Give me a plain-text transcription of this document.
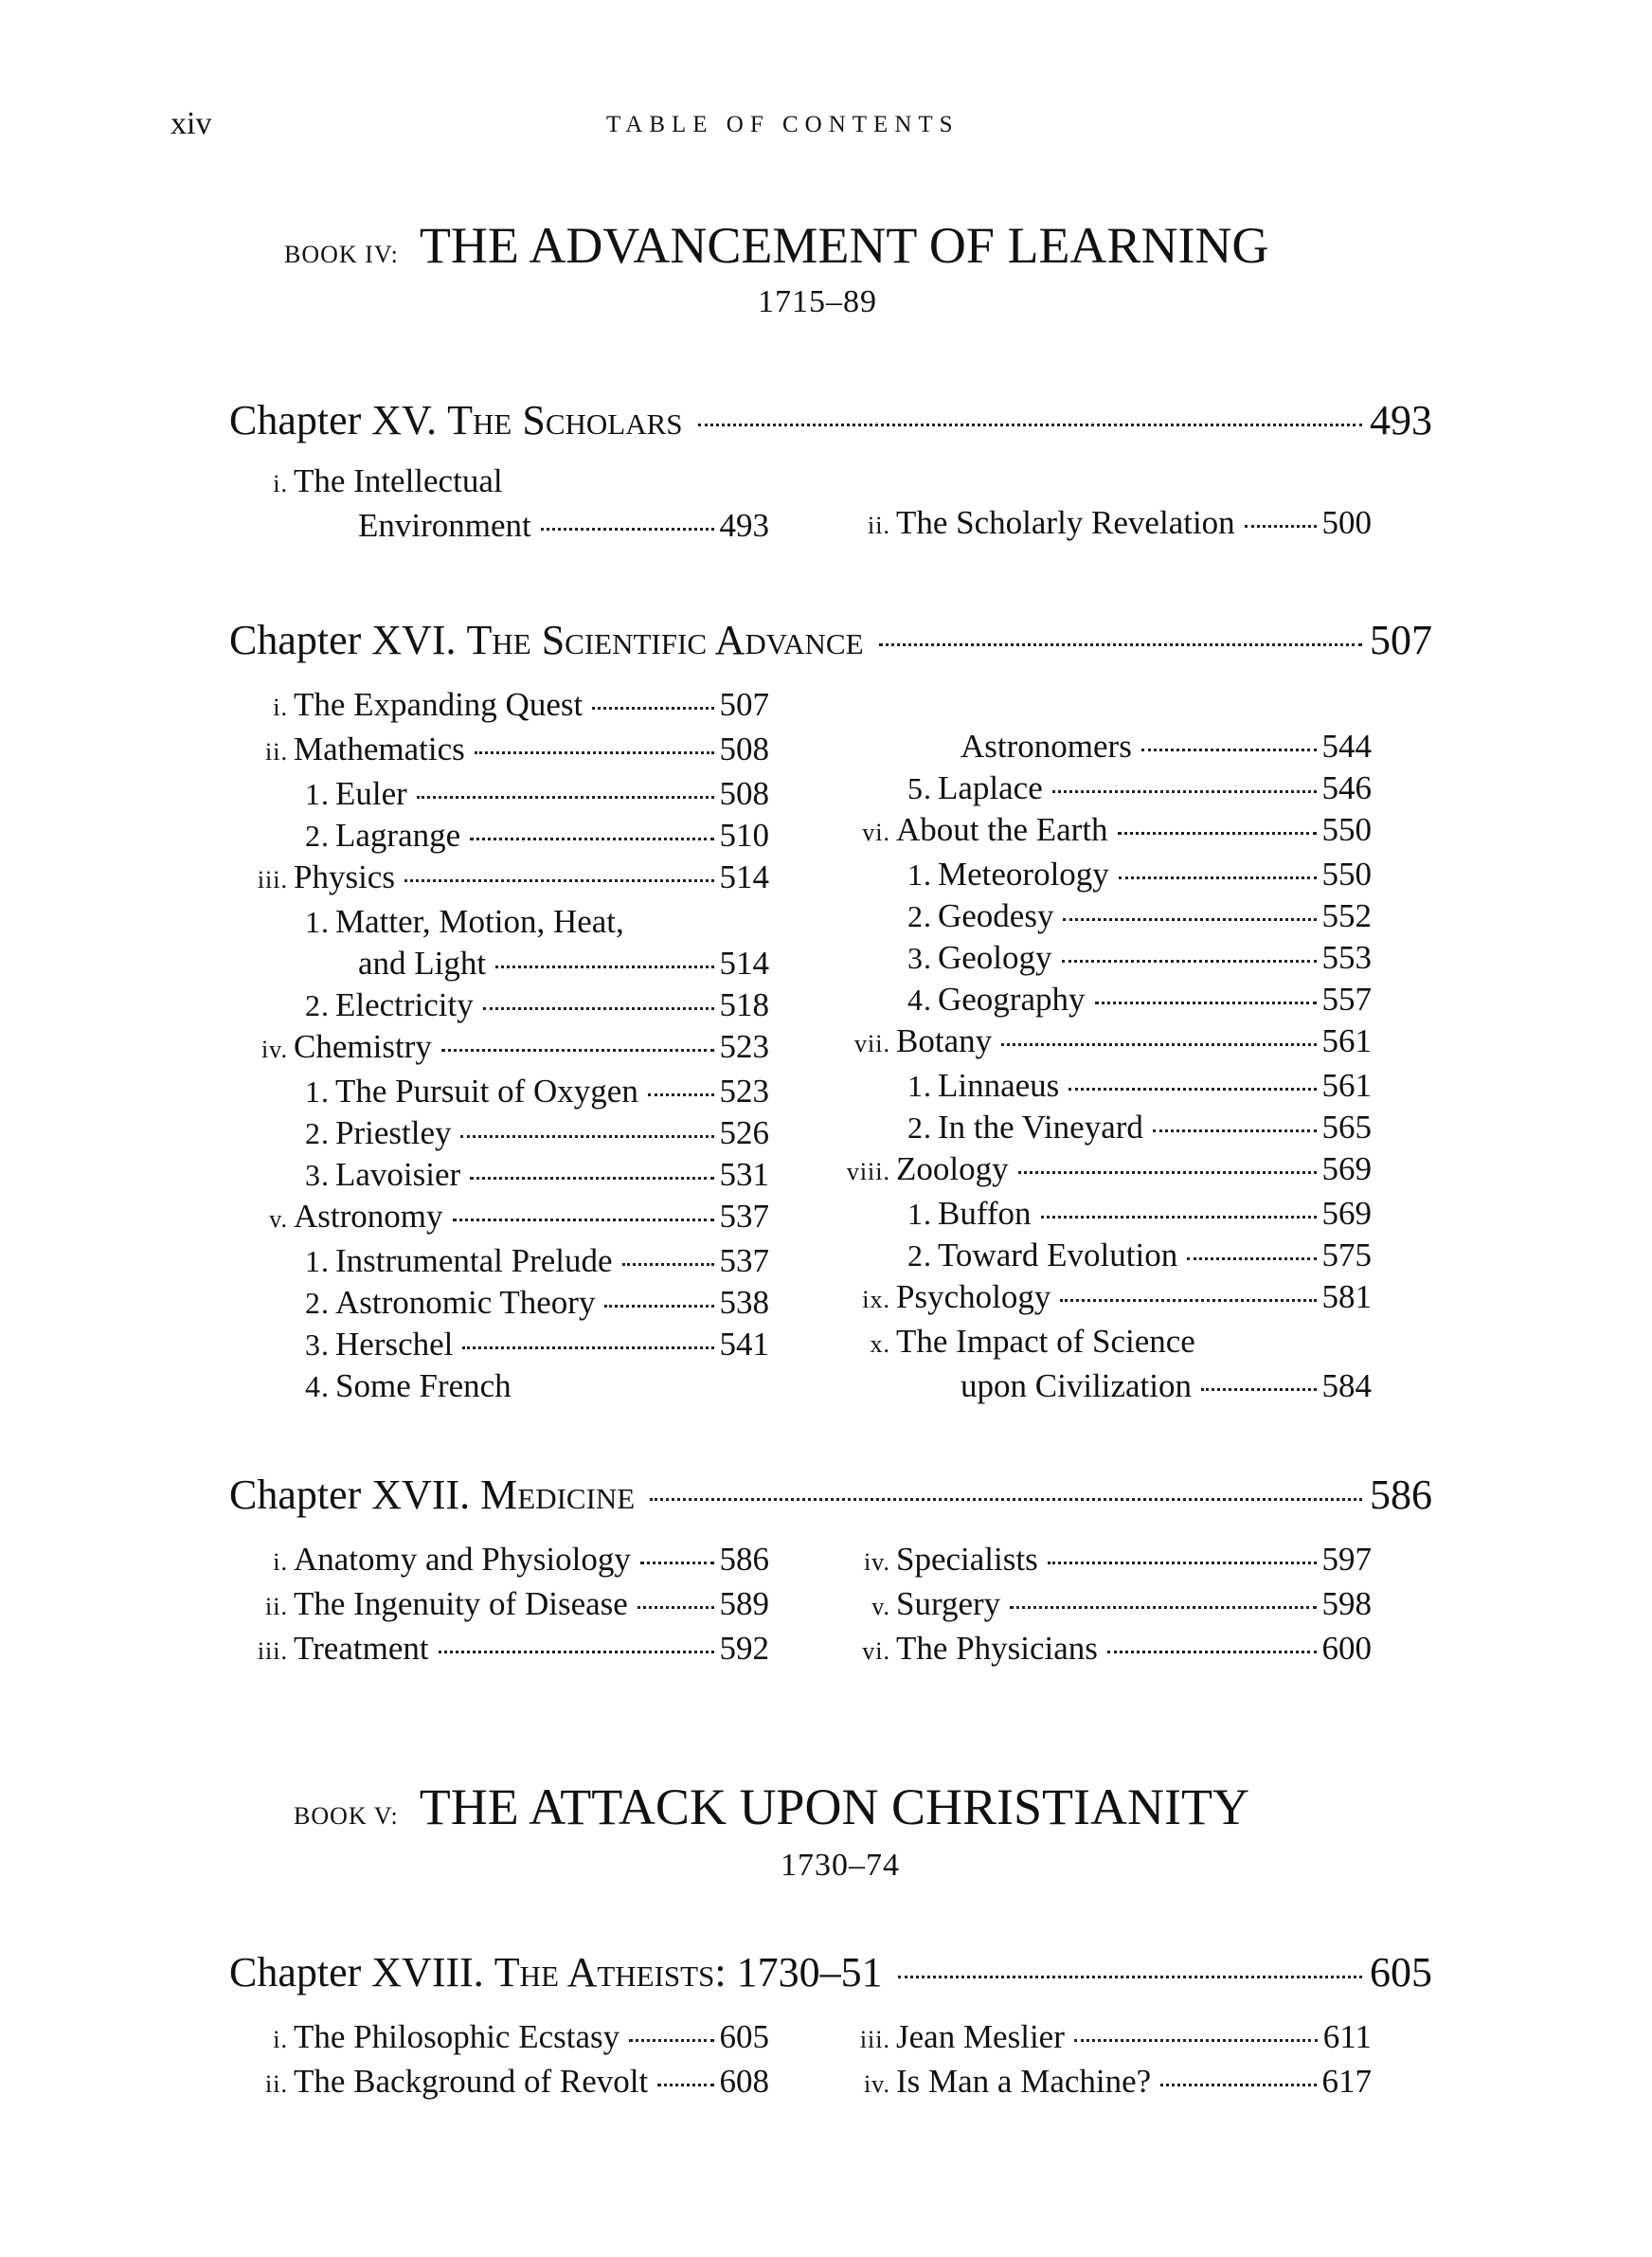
xiv	TABLE OF CONTENTS
BOOK IV: THE ADVANCEMENT OF LEARNING
1715–89
Chapter XV.
The Scholars	493
i. The Intellectual
Environment	493	ii. The Scholarly Revelation	500
Chapter XVI.
The Scientific Advance	507
i. The Expanding Quest	507
ii. Mathematics	508
1. Euler	508
2. Lagrange	510
iii. Physics	514
1. Matter, Motion, Heat,
and Light	514
2. Electricity	518
iv. Chemistry	523
1. The Pursuit of Oxygen 523
2. Priestley	526
3. Lavoisier	531
v. Astronomy	537
1. Instrumental Prelude	537
2. Astronomic Theory	538
3. Herschel	541
4. Some French
Astronomers	544
5. Laplace	546
vi. About the Earth	550
1. Meteorology	550
2. Geodesy	552
3. Geology	553
4. Geography	557
vii. Botany	561
1. Linnaeus	561
2. In the Vineyard	565
viii. Zoology	569
1. Buffon	569
2. Toward Evolution	575
ix. Psychology	581
x. The Impact of Science
upon Civilization	584
Chapter XVII.
Medicine	586
i. Anatomy and Physiology	586
ii. The Ingenuity of Disease	589
iii. Treatment	592
iv. Specialists	597
v. Surgery	598
vi. The Physicians	600
BOOK V: THE ATTACK UPON CHRISTIANITY
1730–74
Chapter XVIII.
The Atheists:
1730–51	605
i. The Philosophic Ecstasy	605
ii. The Background of Revolt 608
iii. Jean Meslier	611
iv. Is Man a Machine?	617
